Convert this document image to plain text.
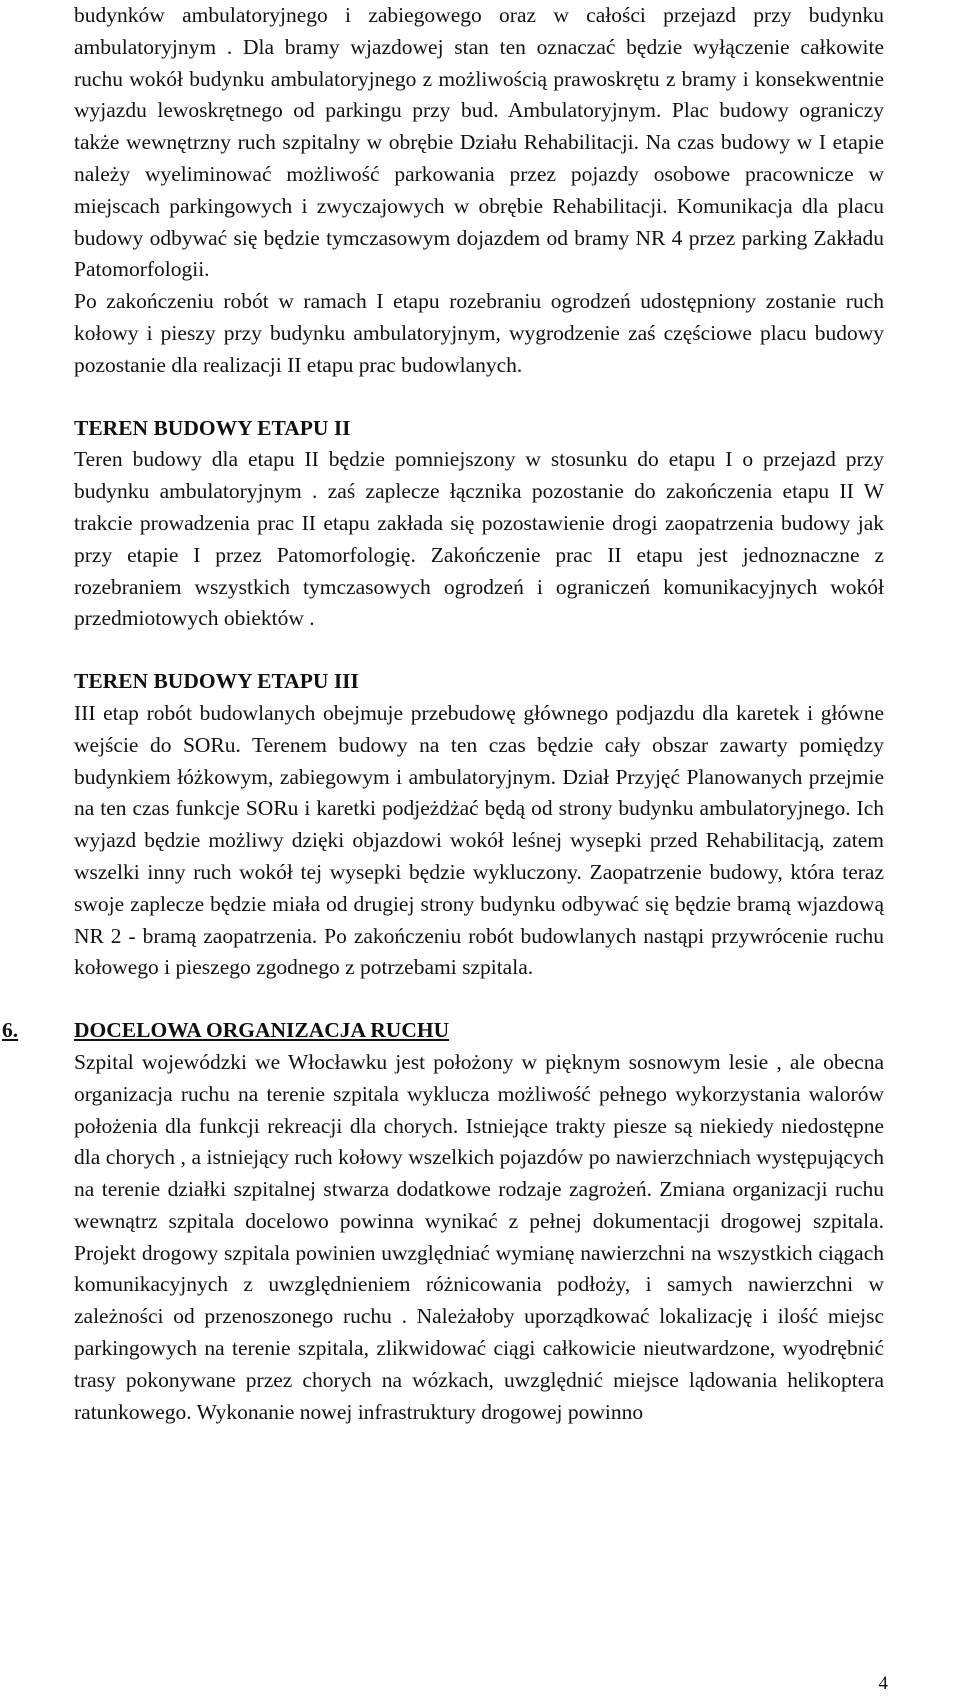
budynków ambulatoryjnego i zabiegowego oraz w całości przejazd przy budynku ambulatoryjnym . Dla bramy wjazdowej stan ten oznaczać będzie wyłączenie całkowite ruchu wokół budynku ambulatoryjnego z możliwością prawoskrętu z bramy i konsekwentnie wyjazdu lewoskrętnego od parkingu przy bud. Ambulatoryjnym. Plac budowy ograniczy także wewnętrzny ruch szpitalny w obrębie Działu Rehabilitacji. Na czas budowy w I etapie należy wyeliminować możliwość parkowania przez pojazdy osobowe pracownicze w miejscach parkingowych i zwyczajowych w obrębie Rehabilitacji. Komunikacja dla placu budowy odbywać się będzie tymczasowym dojazdem od bramy NR 4 przez parking Zakładu Patomorfologii.

Po zakończeniu robót w ramach I etapu rozebraniu ogrodzeń udostępniony zostanie ruch kołowy i pieszy przy budynku ambulatoryjnym, wygrodzenie zaś częściowe placu budowy pozostanie dla realizacji II etapu prac budowlanych.

TEREN BUDOWY ETAPU II

Teren budowy dla etapu II będzie pomniejszony w stosunku do etapu I o przejazd przy budynku ambulatoryjnym . zaś zaplecze łącznika pozostanie do zakończenia etapu II W trakcie prowadzenia prac II etapu zakłada się pozostawienie drogi zaopatrzenia budowy jak przy etapie I przez Patomorfologię. Zakończenie prac II etapu jest jednoznaczne z rozebraniem wszystkich tymczasowych ogrodzeń i ograniczeń komunikacyjnych wokół przedmiotowych obiektów .

TEREN BUDOWY ETAPU III

III etap robót budowlanych obejmuje przebudowę głównego podjazdu dla karetek i główne wejście do SORu. Terenem budowy na ten czas będzie cały obszar zawarty pomiędzy budynkiem łóżkowym, zabiegowym i ambulatoryjnym. Dział Przyjęć Planowanych przejmie na ten czas funkcje SORu i karetki podjeżdżać będą od strony budynku ambulatoryjnego. Ich wyjazd będzie możliwy dzięki objazdowi wokół leśnej wysepki przed Rehabilitacją, zatem wszelki inny ruch wokół tej wysepki będzie wykluczony. Zaopatrzenie budowy, która teraz swoje zaplecze będzie miała od drugiej strony budynku odbywać się będzie bramą wjazdową NR 2 - bramą zaopatrzenia. Po zakończeniu robót budowlanych nastąpi przywrócenie ruchu kołowego i pieszego zgodnego z potrzebami szpitala.

6.	DOCELOWA ORGANIZACJA RUCHU

Szpital wojewódzki we Włocławku jest położony w pięknym sosnowym lesie , ale obecna organizacja ruchu na terenie szpitala wyklucza możliwość pełnego wykorzystania walorów położenia dla funkcji rekreacji dla chorych. Istniejące trakty piesze są niekiedy niedostępne dla chorych , a istniejący ruch kołowy wszelkich pojazdów po nawierzchniach występujących na terenie działki szpitalnej stwarza dodatkowe rodzaje zagrożeń. Zmiana organizacji ruchu wewnątrz szpitala docelowo powinna wynikać z pełnej dokumentacji drogowej szpitala. Projekt drogowy szpitala powinien uwzględniać wymianę nawierzchni na wszystkich ciągach komunikacyjnych z uwzględnieniem różnicowania podłoży, i samych nawierzchni w zależności od przenoszonego ruchu . Należałoby uporządkować lokalizację i ilość miejsc parkingowych na terenie szpitala, zlikwidować ciągi całkowicie nieutwardzone, wyodrębnić trasy pokonywane przez chorych na wózkach, uwzględnić miejsce lądowania helikoptera ratunkowego. Wykonanie nowej infrastruktury drogowej powinno

4
